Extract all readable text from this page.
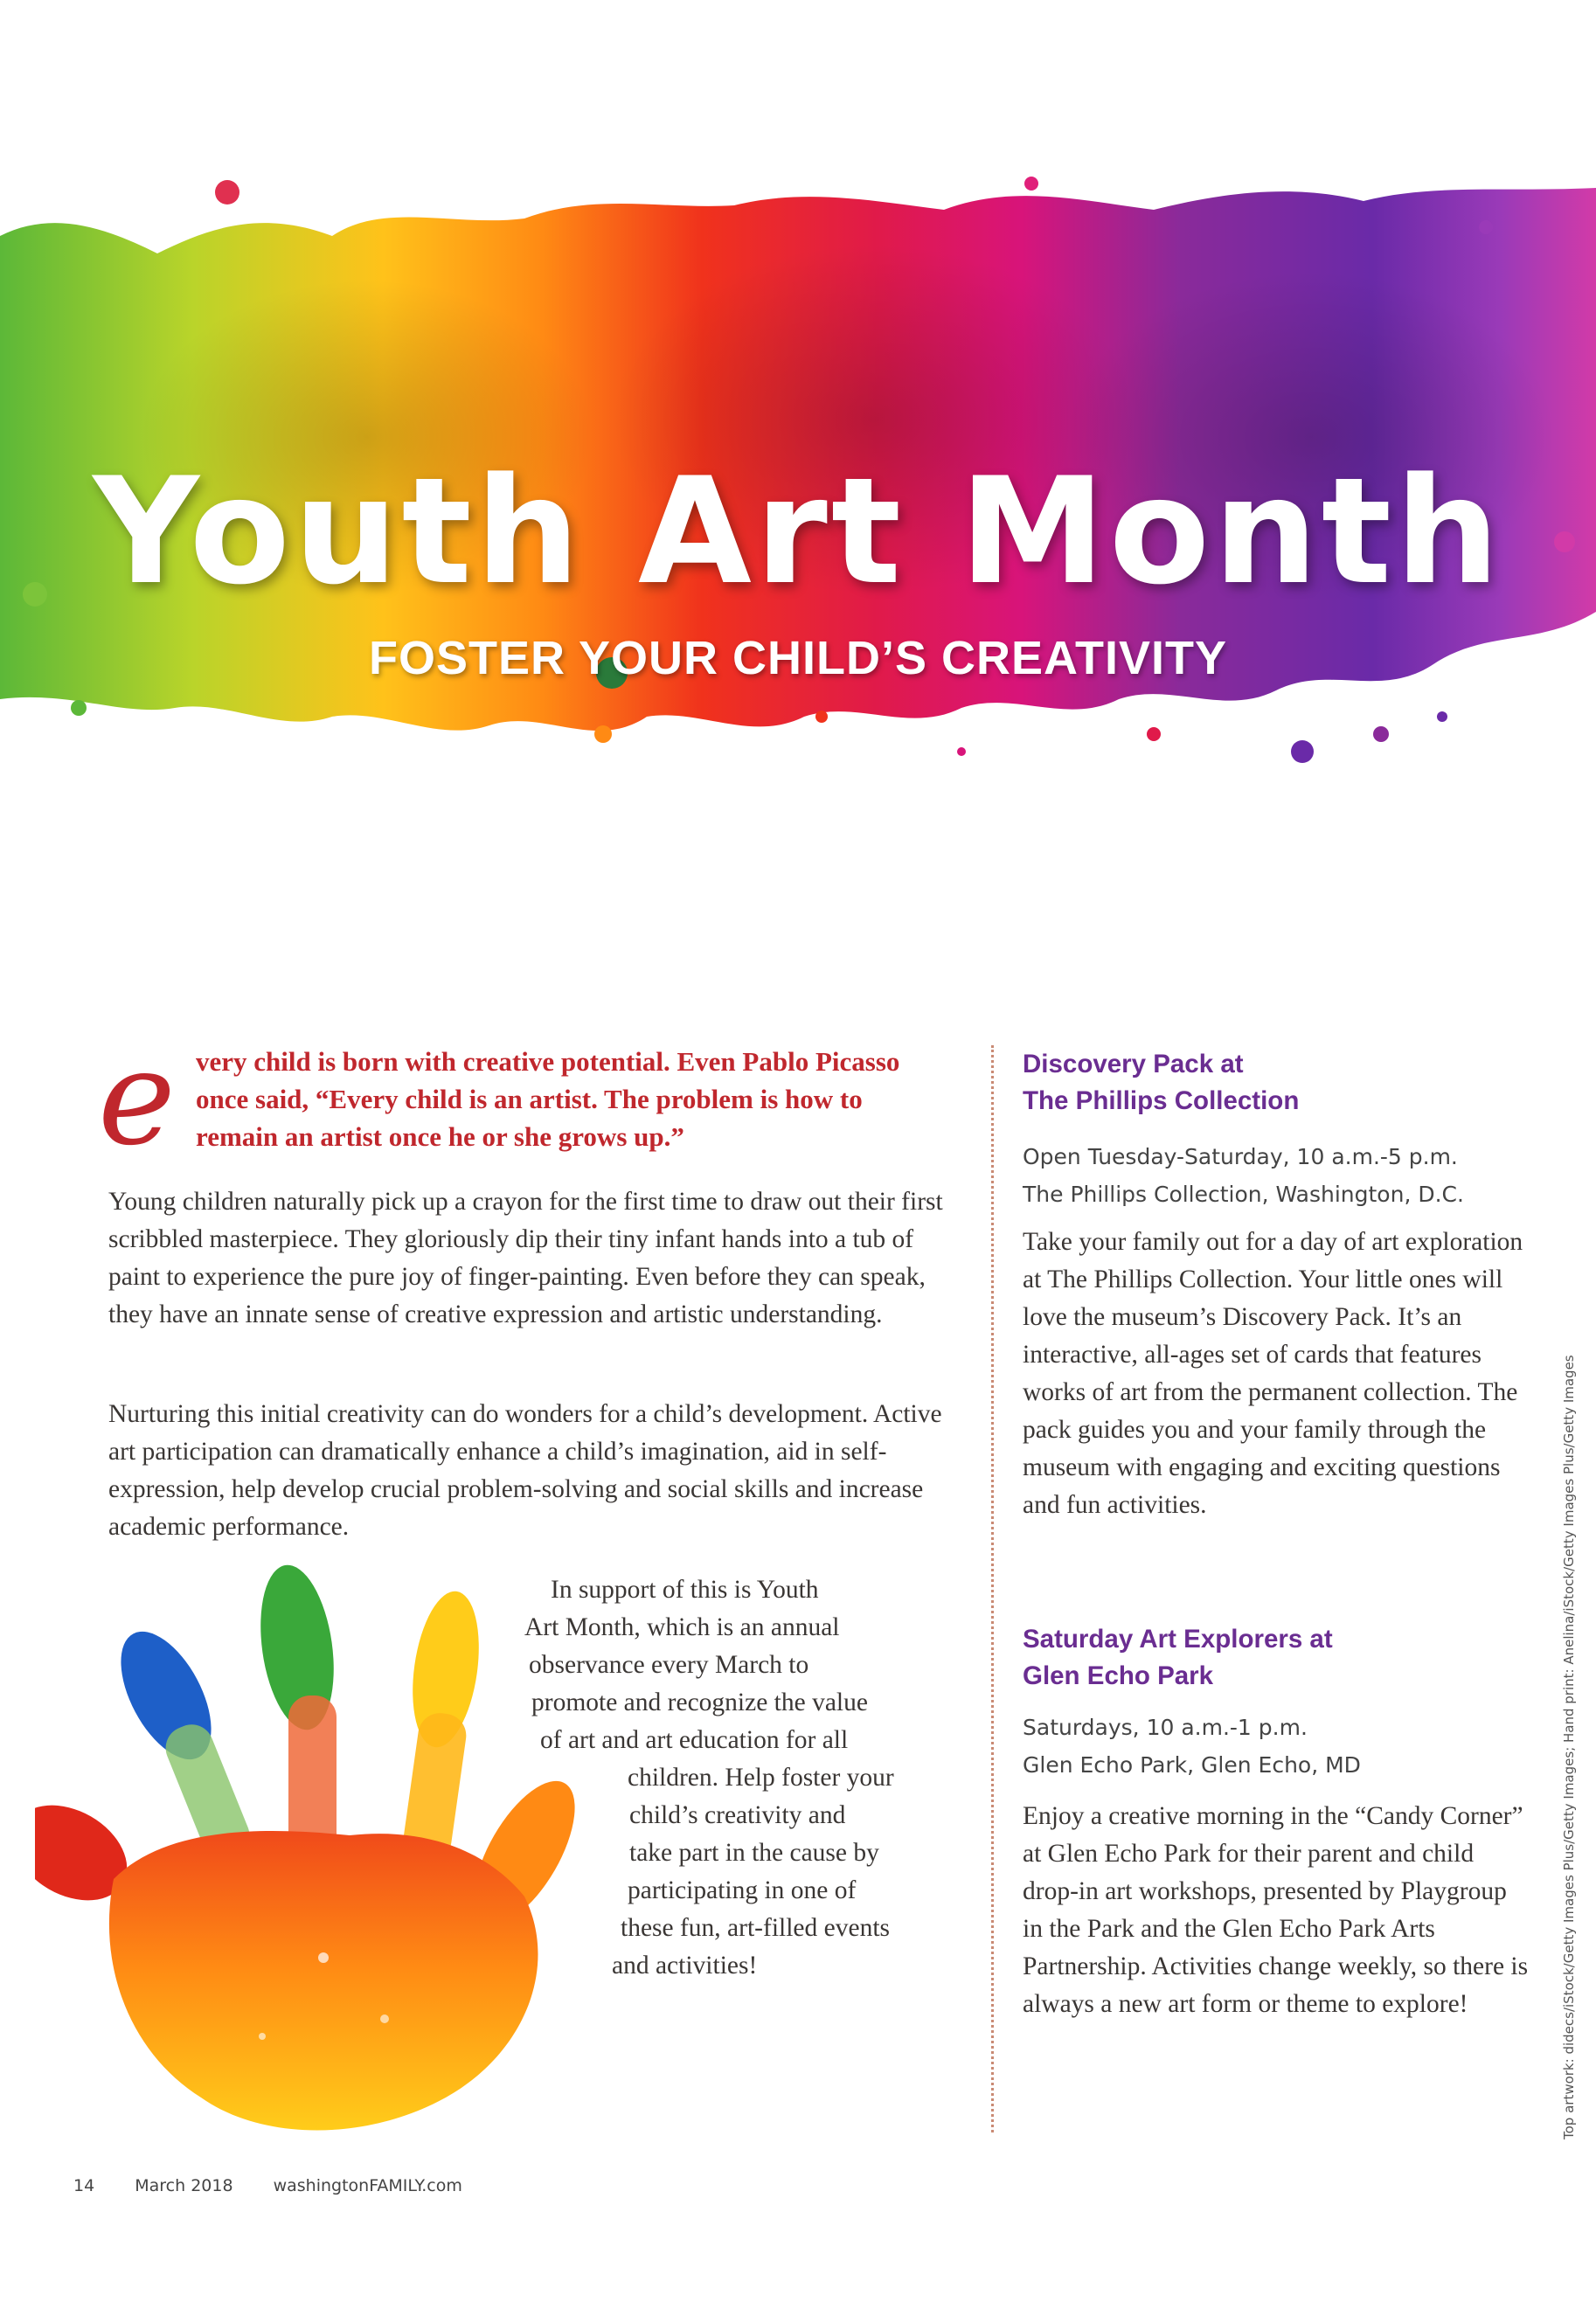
Youth Art Month
FOSTER YOUR CHILD’S CREATIVITY
e very child is born with creative potential. Even Pablo Picasso once said, “Every child is an artist. The problem is how to remain an artist once he or she grows up.”

Young children naturally pick up a crayon for the first time to draw out their first scribbled masterpiece. They gloriously dip their tiny infant hands into a tub of paint to experience the pure joy of finger-painting. Even before they can speak, they have an innate sense of creative expression and artistic understanding.

Nurturing this initial creativity can do wonders for a child’s development. Active art participation can dramatically enhance a child’s imagination, aid in self-expression, help develop crucial problem-solving and social skills and increase academic performance.

In support of this is Youth
Art Month, which is an annual
observance every March to
promote and recognize the value
of art and art education for all
children. Help foster your
child’s creativity and
take part in the cause by
participating in one of
these fun, art-filled events
and activities!
Discovery Pack at
The Phillips Collection

Open Tuesday-Saturday, 10 a.m.-5 p.m.
The Phillips Collection, Washington, D.C.

Take your family out for a day of art exploration at The Phillips Collection. Your little ones will love the museum’s Discovery Pack. It’s an interactive, all-ages set of cards that features works of art from the permanent collection. The pack guides you and your family through the museum with engaging and exciting questions and fun activities.

Saturday Art Explorers at
Glen Echo Park

Saturdays, 10 a.m.-1 p.m.
Glen Echo Park, Glen Echo, MD

Enjoy a creative morning in the “Candy Corner” at Glen Echo Park for their parent and child drop-in art workshops, presented by Playgroup in the Park and the Glen Echo Park Arts Partnership. Activities change weekly, so there is always a new art form or theme to explore!	Top artwork: didecs/iStock/Getty Images Plus/Getty Images; Hand print: Anelina/iStock/Getty Images Plus/Getty Images
14 March 2018 washingtonFAMILY.com
